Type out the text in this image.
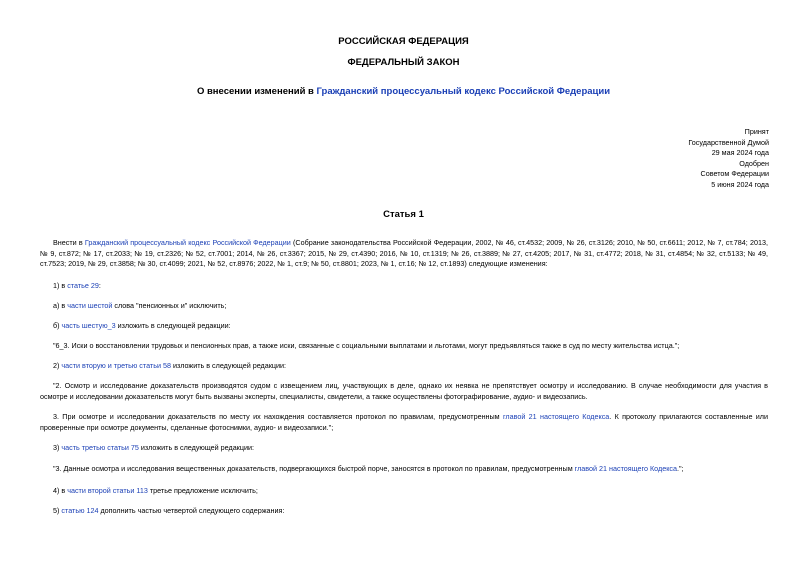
РОССИЙСКАЯ ФЕДЕРАЦИЯ
ФЕДЕРАЛЬНЫЙ ЗАКОН
О внесении изменений в Гражданский процессуальный кодекс Российской Федерации
Принят
Государственной Думой
29 мая 2024 года
Одобрен
Советом Федерации
5 июня 2024 года
Статья 1
Внести в Гражданский процессуальный кодекс Российской Федерации (Собрание законодательства Российской Федерации, 2002, № 46, ст.4532; 2009, № 26, ст.3126; 2010, № 50, ст.6611; 2012, № 7, ст.784; 2013, № 9, ст.872; № 17, ст.2033; № 19, ст.2326; № 52, ст.7001; 2014, № 26, ст.3367; 2015, № 29, ст.4390; 2016, № 10, ст.1319; № 26, ст.3889; № 27, ст.4205; 2017, № 31, ст.4772; 2018, № 31, ст.4854; № 32, ст.5133; № 49, ст.7523; 2019, № 29, ст.3858; № 30, ст.4099; 2021, № 52, ст.8976; 2022, № 1, ст.9; № 50, ст.8801; 2023, № 1, ст.16; № 12, ст.1893) следующие изменения:
1) в статье 29:
а) в части шестой слова "пенсионных и" исключить;
б) часть шестую_3 изложить в следующей редакции:
"6_3. Иски о восстановлении трудовых и пенсионных прав, а также иски, связанные с социальными выплатами и льготами, могут предъявляться также в суд по месту жительства истца.";
2) части вторую и третью статьи 58 изложить в следующей редакции:
"2. Осмотр и исследование доказательств производятся судом с извещением лиц, участвующих в деле, однако их неявка не препятствует осмотру и исследованию. В случае необходимости для участия в осмотре и исследовании доказательств могут быть вызваны эксперты, специалисты, свидетели, а также осуществлены фотографирование, аудио- и видеозапись.
3. При осмотре и исследовании доказательств по месту их нахождения составляется протокол по правилам, предусмотренным главой 21 настоящего Кодекса. К протоколу прилагаются составленные или проверенные при осмотре документы, сделанные фотоснимки, аудио- и видеозаписи.";
3) часть третью статьи 75 изложить в следующей редакции:
"3. Данные осмотра и исследования вещественных доказательств, подвергающихся быстрой порче, заносятся в протокол по правилам, предусмотренным главой 21 настоящего Кодекса.";
4) в части второй статьи 113 третье предложение исключить;
5) статью 124 дополнить частью четвертой следующего содержания:
